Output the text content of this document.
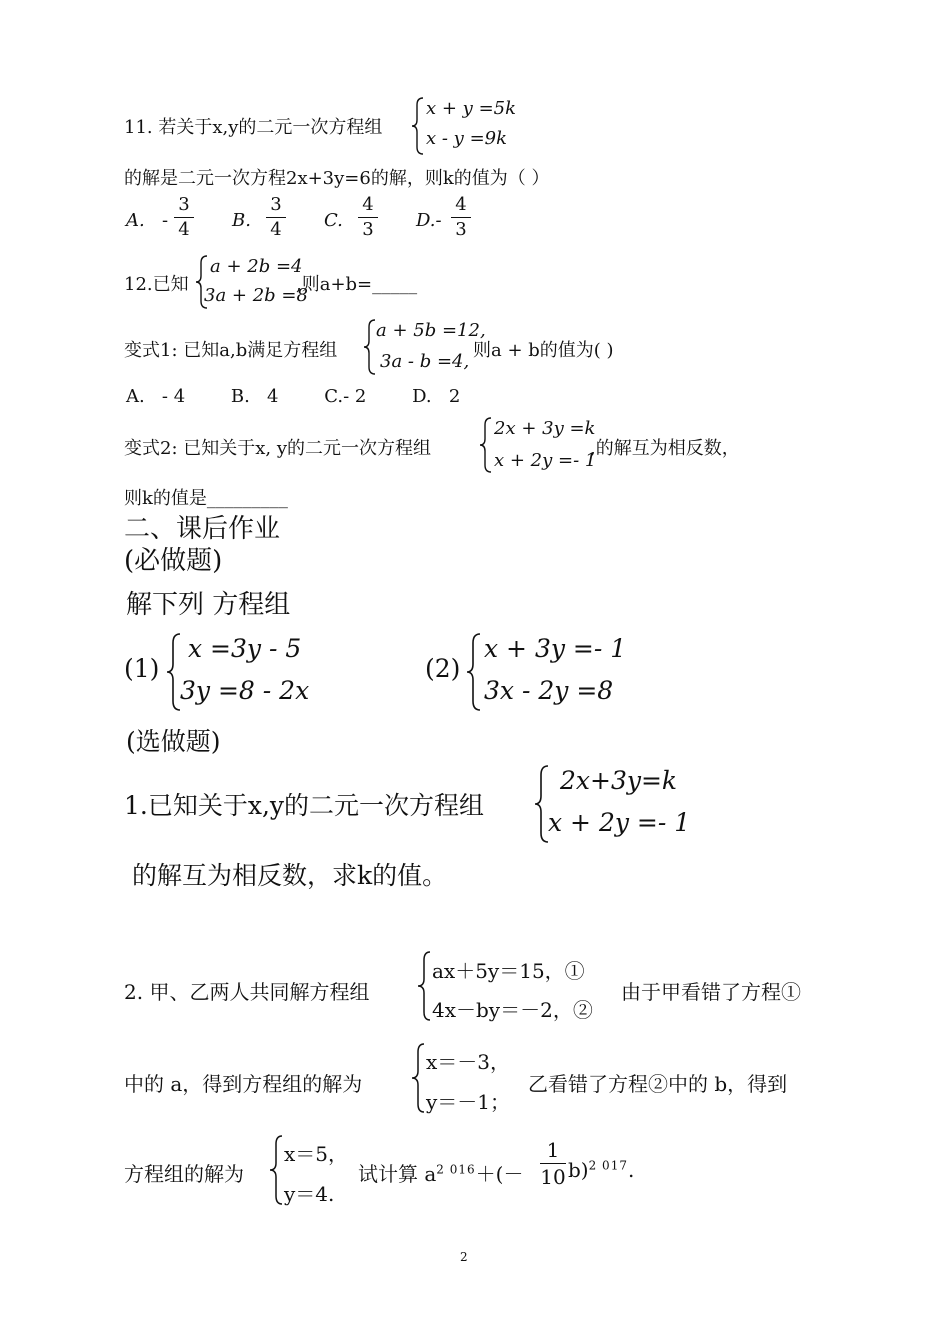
11. 若关于x,y的二元一次方程组
x + y =5k
x - y =9k
的解是二元一次方程2x+3y=6的解，则k的值为（ ）
A. -
3
4 B.
3
4 C.
4
3 D.-
4
3
12.已知
a + 2b =4
3a + 2b =8
,则a+b=_____
变式1: 已知a,b满足方程组
a + 5b =12,
3a - b =4,
则a + b的值为( )
A.   - 4        B.   4        C.- 2        D.   2
变式2: 已知关于x, y的二元一次方程组
2x + 3y =k
x + 2y =- 1
,的解互为相反数，
则k的值是_________
二、课后作业
(必做题)
解下列 方程组
(1)
x =3y - 5
3y =8 - 2x
(2)
x + 3y =- 1
3x - 2y =8
(选做题)
1.已知关于x,y的二元一次方程组
2x+3y=k
x + 2y =- 1
的解互为相反数，求k的值。
2. 甲、乙两人共同解方程组
ax＋5y＝15，①
4x－by＝－2，②
由于甲看错了方程①
中的 a，得到方程组的解为
x＝－3，
y＝－1；
乙看错了方程②中的 b，得到
方程组的解为
x＝5，
y＝4.
试计算 $a^{2 016}+(-$
1
10 b)$^{2 017}$.
2
